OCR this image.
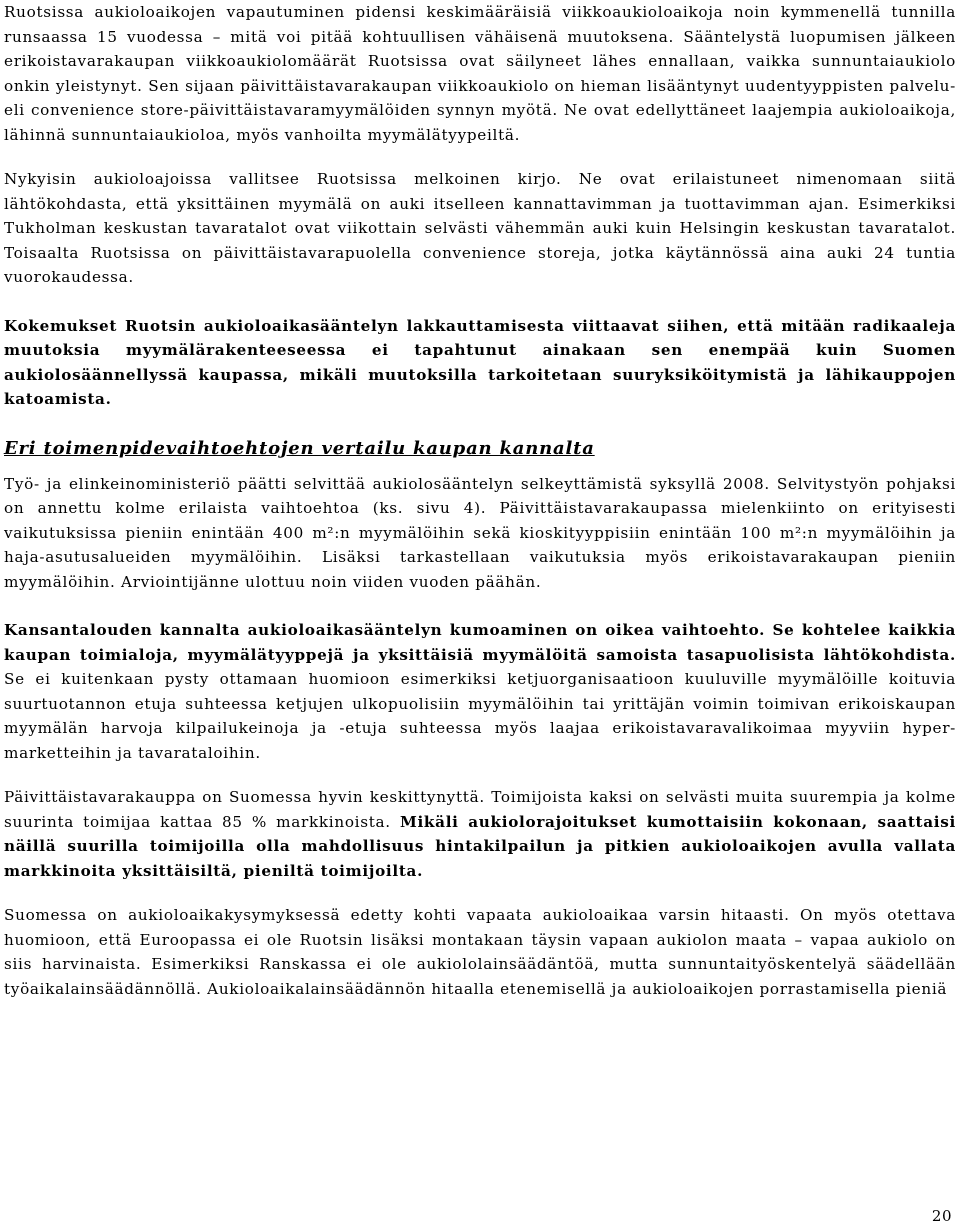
Ruotsissa aukioloaikojen vapautuminen pidensi keskimääräisiä viikkoaukioloaikoja noin kymmenellä tunnilla runsaassa 15 vuodessa – mitä voi pitää kohtuullisen vähäisenä muutoksena. Sääntelystä luopumisen jälkeen erikoistavarakaupan viikkoaukiolomäärät Ruotsissa ovat säilyneet lähes ennallaan, vaikka sunnuntaiaukiolo onkin yleistynyt. Sen sijaan päivittäistavarakaupan viikkoaukiolo on hieman lisääntynyt uudentyyppisten palvelu- eli convenience store-päivittäistavaramyymälöiden synnyn myötä. Ne ovat edellyttäneet laajempia aukioloaikoja, lähinnä sunnuntaiaukioloa, myös vanhoilta myymälätyypeiltä.

Nykyisin aukioloajoissa vallitsee Ruotsissa melkoinen kirjo. Ne ovat erilaistuneet nimenomaan siitä lähtökohdasta, että yksittäinen myymälä on auki itselleen kannattavimman ja tuottavimman ajan. Esimerkiksi Tukholman keskustan tavaratalot ovat viikottain selvästi vähemmän auki kuin Helsingin keskustan tavaratalot. Toisaalta Ruotsissa on päivittäistavarapuolella convenience storeja, jotka käytännössä aina auki 24 tuntia vuorokaudessa.

Kokemukset Ruotsin aukioloaikasääntelyn lakkauttamisesta viittaavat siihen, että mitään radikaaleja muutoksia myymälärakenteeseessa ei tapahtunut ainakaan sen enempää kuin Suomen aukiolosäännellyssä kaupassa, mikäli muutoksilla tarkoitetaan suuryksiköitymistä ja lähikauppojen katoamista.

Eri toimenpidevaihtoehtojen vertailu kaupan kannalta

Työ- ja elinkeinoministeriö päätti selvittää aukiolosääntelyn selkeyttämistä syksyllä 2008. Selvitystyön pohjaksi on annettu kolme erilaista vaihtoehtoa (ks. sivu 4). Päivittäistavarakaupassa mielenkiinto on erityisesti vaikutuksissa pieniin enintään 400 m²:n myymälöihin sekä kioskityyppisiin enintään 100 m²:n myymälöihin ja haja-asutusalueiden myymälöihin. Lisäksi tarkastellaan vaikutuksia myös erikoistavarakaupan pieniin myymälöihin. Arviointijänne ulottuu noin viiden vuoden päähän.

Kansantalouden kannalta aukioloaikasääntelyn kumoaminen on oikea vaihtoehto. Se kohtelee kaikkia kaupan toimialoja, myymälätyyppejä ja yksittäisiä myymälöitä samoista tasapuolisista lähtökohdista. Se ei kuitenkaan pysty ottamaan huomioon esimerkiksi ketjuorganisaatioon kuuluville myymälöille koituvia suurtuotannon etuja suhteessa ketjujen ulkopuolisiin myymälöihin tai yrittäjän voimin toimivan erikoiskaupan myymälän harvoja kilpailukeinoja ja -etuja suhteessa myös laajaa erikoistavaravalikoimaa myyviin hyper-marketteihin ja tavarataloihin.

Päivittäistavarakauppa on Suomessa hyvin keskittynyttä. Toimijoista kaksi on selvästi muita suurempia ja kolme suurinta toimijaa kattaa 85 % markkinoista. Mikäli aukiolorajoitukset kumottaisiin kokonaan, saattaisi näillä suurilla toimijoilla olla mahdollisuus hintakilpailun ja pitkien aukioloaikojen avulla vallata markkinoita yksittäisiltä, pieniltä toimijoilta.

Suomessa on aukioloaikakysymyksessä edetty kohti vapaata aukioloaikaa varsin hitaasti. On myös otettava huomioon, että Euroopassa ei ole Ruotsin lisäksi montakaan täysin vapaan aukiolon maata – vapaa aukiolo on siis harvinaista. Esimerkiksi Ranskassa ei ole aukiololainsäädäntöä, mutta sunnuntaityöskentelyä säädellään työaikalainsäädännöllä. Aukioloaikalainsäädännön hitaalla etenemisellä ja aukioloaikojen porrastamisella pieniä

20
